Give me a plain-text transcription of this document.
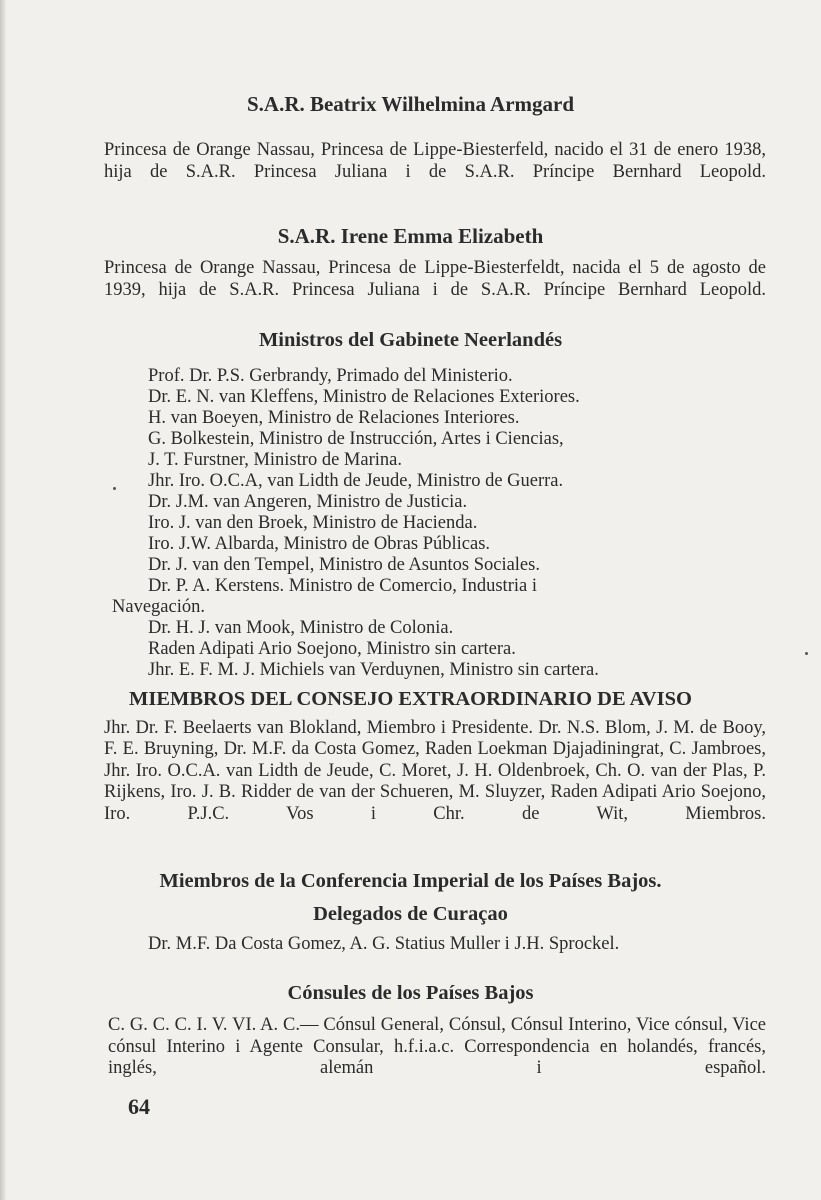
S.A.R. Beatrix Wilhelmina Armgard
Princesa de Orange Nassau, Princesa de Lippe-Biesterfeld, nacido el 31 de enero 1938, hija de S.A.R. Princesa Juliana i de S.A.R. Príncipe Bernhard Leopold.
S.A.R. Irene Emma Elizabeth
Princesa de Orange Nassau, Princesa de Lippe-Biesterfeldt, nacida el 5 de agosto de 1939, hija de S.A.R. Princesa Juliana i de S.A.R. Príncipe Bernhard Leopold.
Ministros del Gabinete Neerlandés
Prof. Dr. P.S. Gerbrandy, Primado del Ministerio.
Dr. E. N. van Kleffens, Ministro de Relaciones Exteriores.
H. van Boeyen, Ministro de Relaciones Interiores.
G. Bolkestein, Ministro de Instrucción, Artes i Ciencias,
J. T. Furstner, Ministro de Marina.
Jhr. Iro. O.C.A, van Lidth de Jeude, Ministro de Guerra.
Dr. J.M. van Angeren, Ministro de Justicia.
Iro. J. van den Broek, Ministro de Hacienda.
Iro. J.W. Albarda, Ministro de Obras Públicas.
Dr. J. van den Tempel, Ministro de Asuntos Sociales.
Dr. P. A. Kerstens. Ministro de Comercio, Industria i
Navegación.
Dr. H. J. van Mook, Ministro de Colonia.
Raden Adipati Ario Soejono, Ministro sin cartera.
Jhr. E. F. M. J. Michiels van Verduynen, Ministro sin cartera.
MIEMBROS DEL CONSEJO EXTRAORDINARIO DE AVISO
Jhr. Dr. F. Beelaerts van Blokland, Miembro i Presidente. Dr. N.S. Blom, J. M. de Booy, F. E. Bruyning, Dr. M.F. da Costa Gomez, Raden Loekman Djajadiningrat, C. Jambroes, Jhr. Iro. O.C.A. van Lidth de Jeude, C. Moret, J. H. Oldenbroek, Ch. O. van der Plas, P. Rijkens, Iro. J. B. Ridder de van der Schueren, M. Sluyzer, Raden Adipati Ario Soejono, Iro. P.J.C. Vos i Chr. de Wit, Miembros.
Miembros de la Conferencia Imperial de los Países Bajos.
Delegados de Curaçao
Dr. M.F. Da Costa Gomez, A. G. Statius Muller i J.H. Sprockel.
Cónsules de los Países Bajos
C. G. C. C. I. V. VI. A. C.— Cónsul General, Cónsul, Cónsul Interino, Vice cónsul, Vice cónsul Interino i Agente Consular, h.f.i.a.c. Correspondencia en holandés, francés, inglés, alemán i español.
64
